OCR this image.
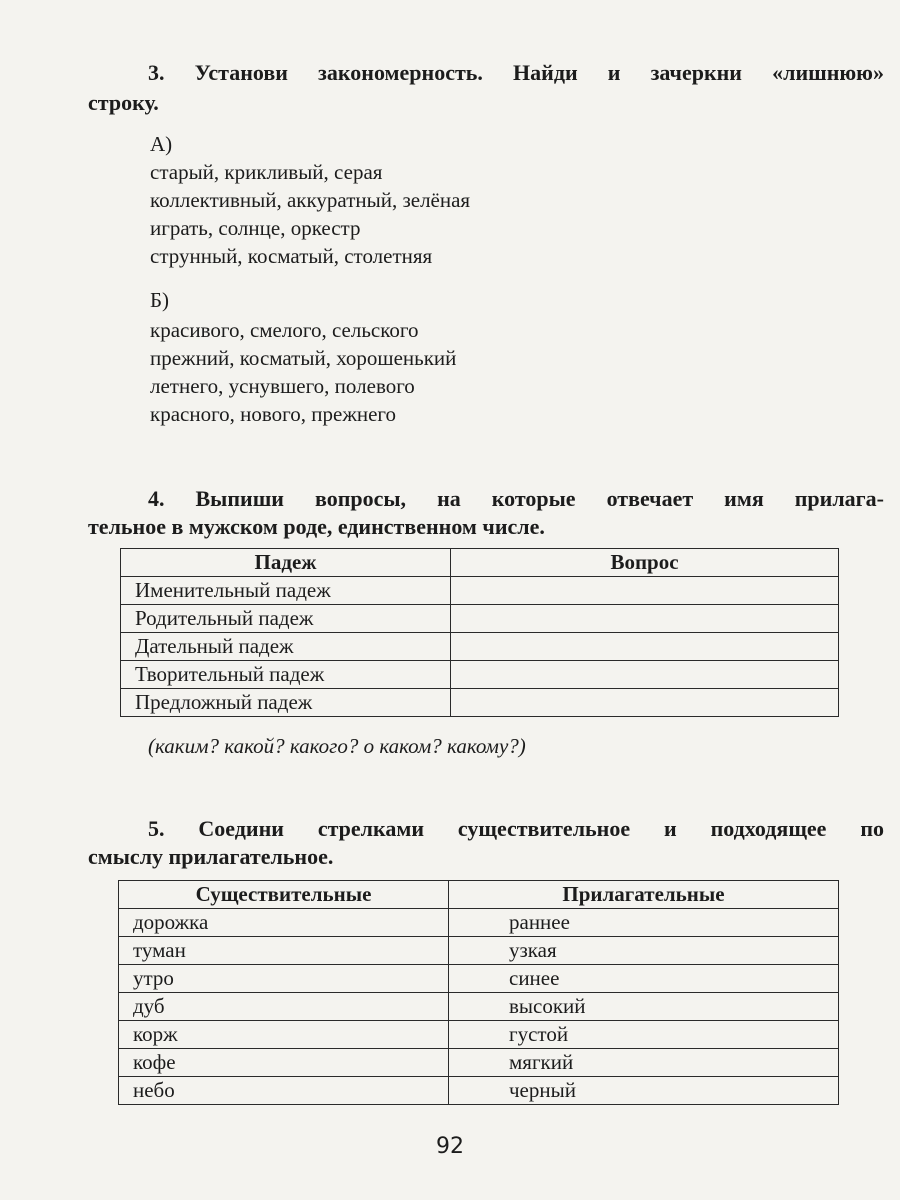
3. Установи закономерность. Найди и зачеркни «лишнюю»
строку.
А)
старый, крикливый, серая
коллективный, аккуратный, зелёная
играть, солнце, оркестр
струнный, косматый, столетняя
Б)
красивого, смелого, сельского
прежний, косматый, хорошенький
летнего, уснувшего, полевого
красного, нового, прежнего
4. Выпиши вопросы, на которые отвечает имя прилага-
тельное в мужском роде, единственном числе.
Падеж	Вопрос
Именительный падеж	
Родительный падеж	
Дательный падеж	
Творительный падеж	
Предложный падеж	
(каким? какой? какого? о каком? какому?)
5. Соедини стрелками существительное и подходящее по
смыслу прилагательное.
Существительные	Прилагательные
дорожка	раннее
туман	узкая
утро	синее
дуб	высокий
корж	густой
кофе	мягкий
небо	черный
92
